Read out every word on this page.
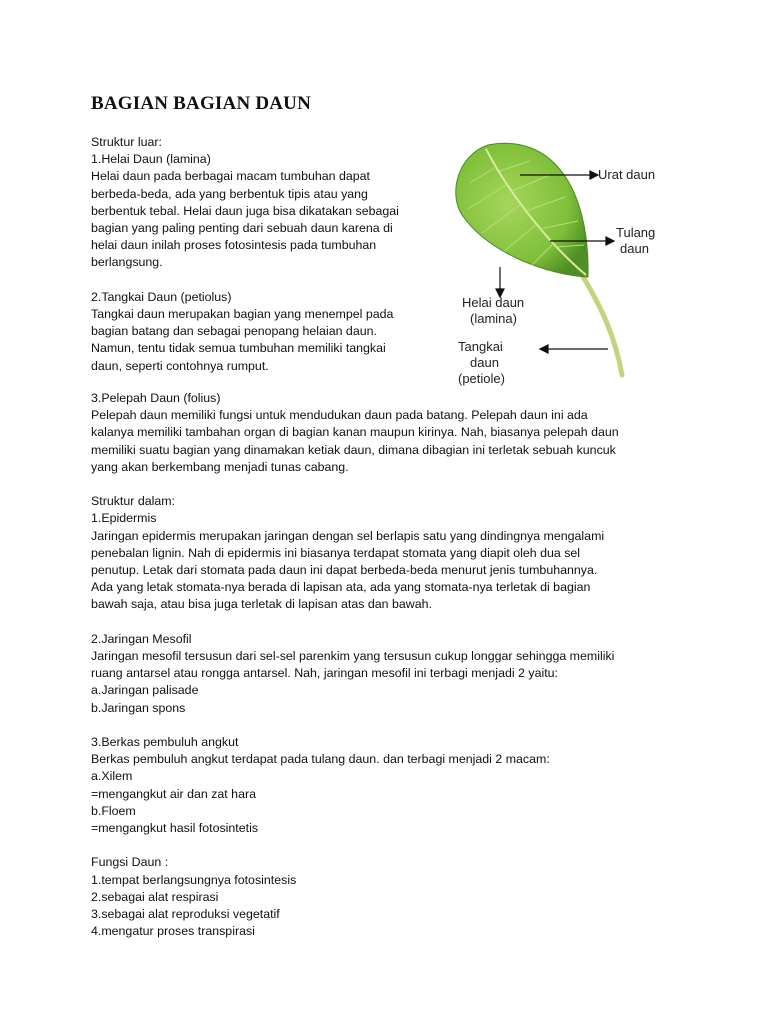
BAGIAN BAGIAN DAUN
Struktur luar:
1.Helai Daun (lamina)
Helai daun pada berbagai macam tumbuhan dapat
berbeda-beda, ada yang berbentuk tipis atau yang
berbentuk tebal. Helai daun juga bisa dikatakan sebagai
bagian yang paling penting dari sebuah daun karena di
helai daun inilah proses fotosintesis pada tumbuhan
berlangsung.
2.Tangkai Daun (petiolus)
Tangkai daun merupakan bagian yang menempel pada
bagian batang dan sebagai penopang helaian daun.
Namun, tentu tidak semua tumbuhan memiliki tangkai
daun, seperti contohnya rumput.
Urat daun
Tulang
daun
Helai daun
(lamina)
Tangkai
daun
(petiole)
3.Pelepah Daun (folius)
Pelepah daun memiliki fungsi untuk mendudukan daun pada batang. Pelepah daun ini ada
kalanya memiliki tambahan organ di bagian kanan maupun kirinya. Nah, biasanya pelepah daun
memiliki suatu bagian yang dinamakan ketiak daun, dimana dibagian ini terletak sebuah kuncuk
yang akan berkembang menjadi tunas cabang.
Struktur dalam:
1.Epidermis
Jaringan epidermis merupakan jaringan dengan sel berlapis satu yang dindingnya mengalami
penebalan lignin. Nah di epidermis ini biasanya terdapat stomata yang diapit oleh dua sel
penutup. Letak dari stomata pada daun ini dapat berbeda-beda menurut jenis tumbuhannya.
Ada yang letak stomata-nya berada di lapisan ata, ada yang stomata-nya terletak di bagian
bawah saja, atau bisa juga terletak di lapisan atas dan bawah.
2.Jaringan Mesofil
Jaringan mesofil tersusun dari sel-sel parenkim yang tersusun cukup longgar sehingga memiliki
ruang antarsel atau rongga antarsel. Nah, jaringan mesofil ini terbagi menjadi 2 yaitu:
a.Jaringan palisade
b.Jaringan spons
3.Berkas pembuluh angkut
Berkas pembuluh angkut terdapat pada tulang daun. dan terbagi menjadi 2 macam:
a.Xilem
=mengangkut air dan zat hara
b.Floem
=mengangkut hasil fotosintetis
Fungsi Daun :
1.tempat berlangsungnya fotosintesis
2.sebagai alat respirasi
3.sebagai alat reproduksi vegetatif
4.mengatur proses transpirasi
